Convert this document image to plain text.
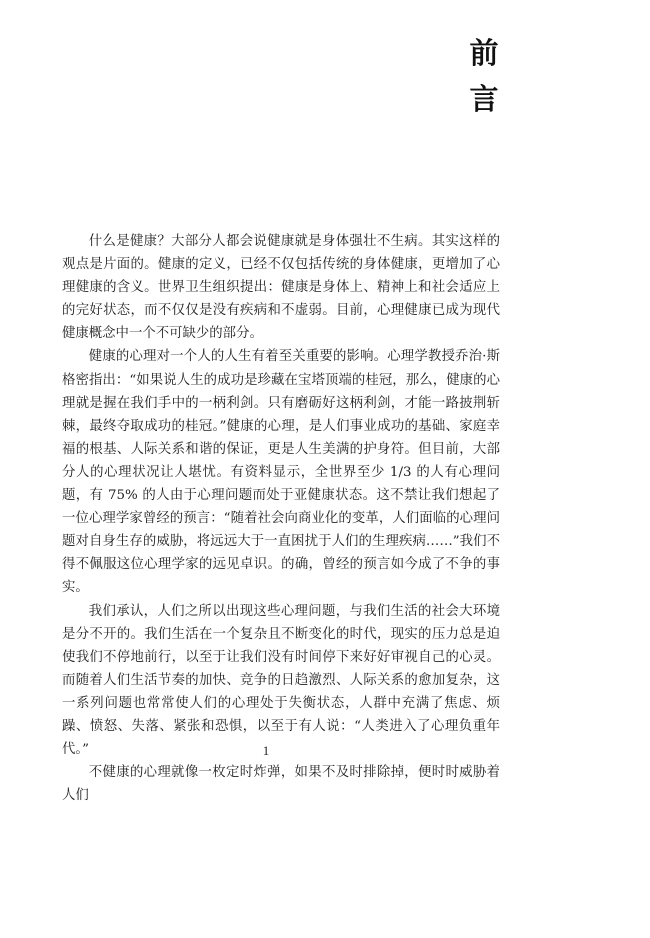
前
言

什么是健康？大部分人都会说健康就是身体强壮不生病。其实这样的观点是片面的。健康的定义，已经不仅包括传统的身体健康，更增加了心理健康的含义。世界卫生组织提出：健康是身体上、精神上和社会适应上的完好状态，而不仅仅是没有疾病和不虚弱。目前，心理健康已成为现代健康概念中一个不可缺少的部分。

健康的心理对一个人的人生有着至关重要的影响。心理学教授乔治·斯格密指出：“如果说人生的成功是珍藏在宝塔顶端的桂冠，那么，健康的心理就是握在我们手中的一柄利剑。只有磨砺好这柄利剑，才能一路披荆斩棘，最终夺取成功的桂冠。”健康的心理，是人们事业成功的基础、家庭幸福的根基、人际关系和谐的保证，更是人生美满的护身符。但目前，大部分人的心理状况让人堪忧。有资料显示，全世界至少 1/3 的人有心理问题，有 75% 的人由于心理问题而处于亚健康状态。这不禁让我们想起了一位心理学家曾经的预言：“随着社会向商业化的变革，人们面临的心理问题对自身生存的威胁，将远远大于一直困扰于人们的生理疾病……”我们不得不佩服这位心理学家的远见卓识。的确，曾经的预言如今成了不争的事实。

我们承认，人们之所以出现这些心理问题，与我们生活的社会大环境是分不开的。我们生活在一个复杂且不断变化的时代，现实的压力总是迫使我们不停地前行，以至于让我们没有时间停下来好好审视自己的心灵。而随着人们生活节奏的加快、竞争的日趋激烈、人际关系的愈加复杂，这一系列问题也常常使人们的心理处于失衡状态，人群中充满了焦虑、烦躁、愤怒、失落、紧张和恐惧，以至于有人说：“人类进入了心理负重年代。”

不健康的心理就像一枚定时炸弹，如果不及时排除掉，便时时威胁着人们

1
